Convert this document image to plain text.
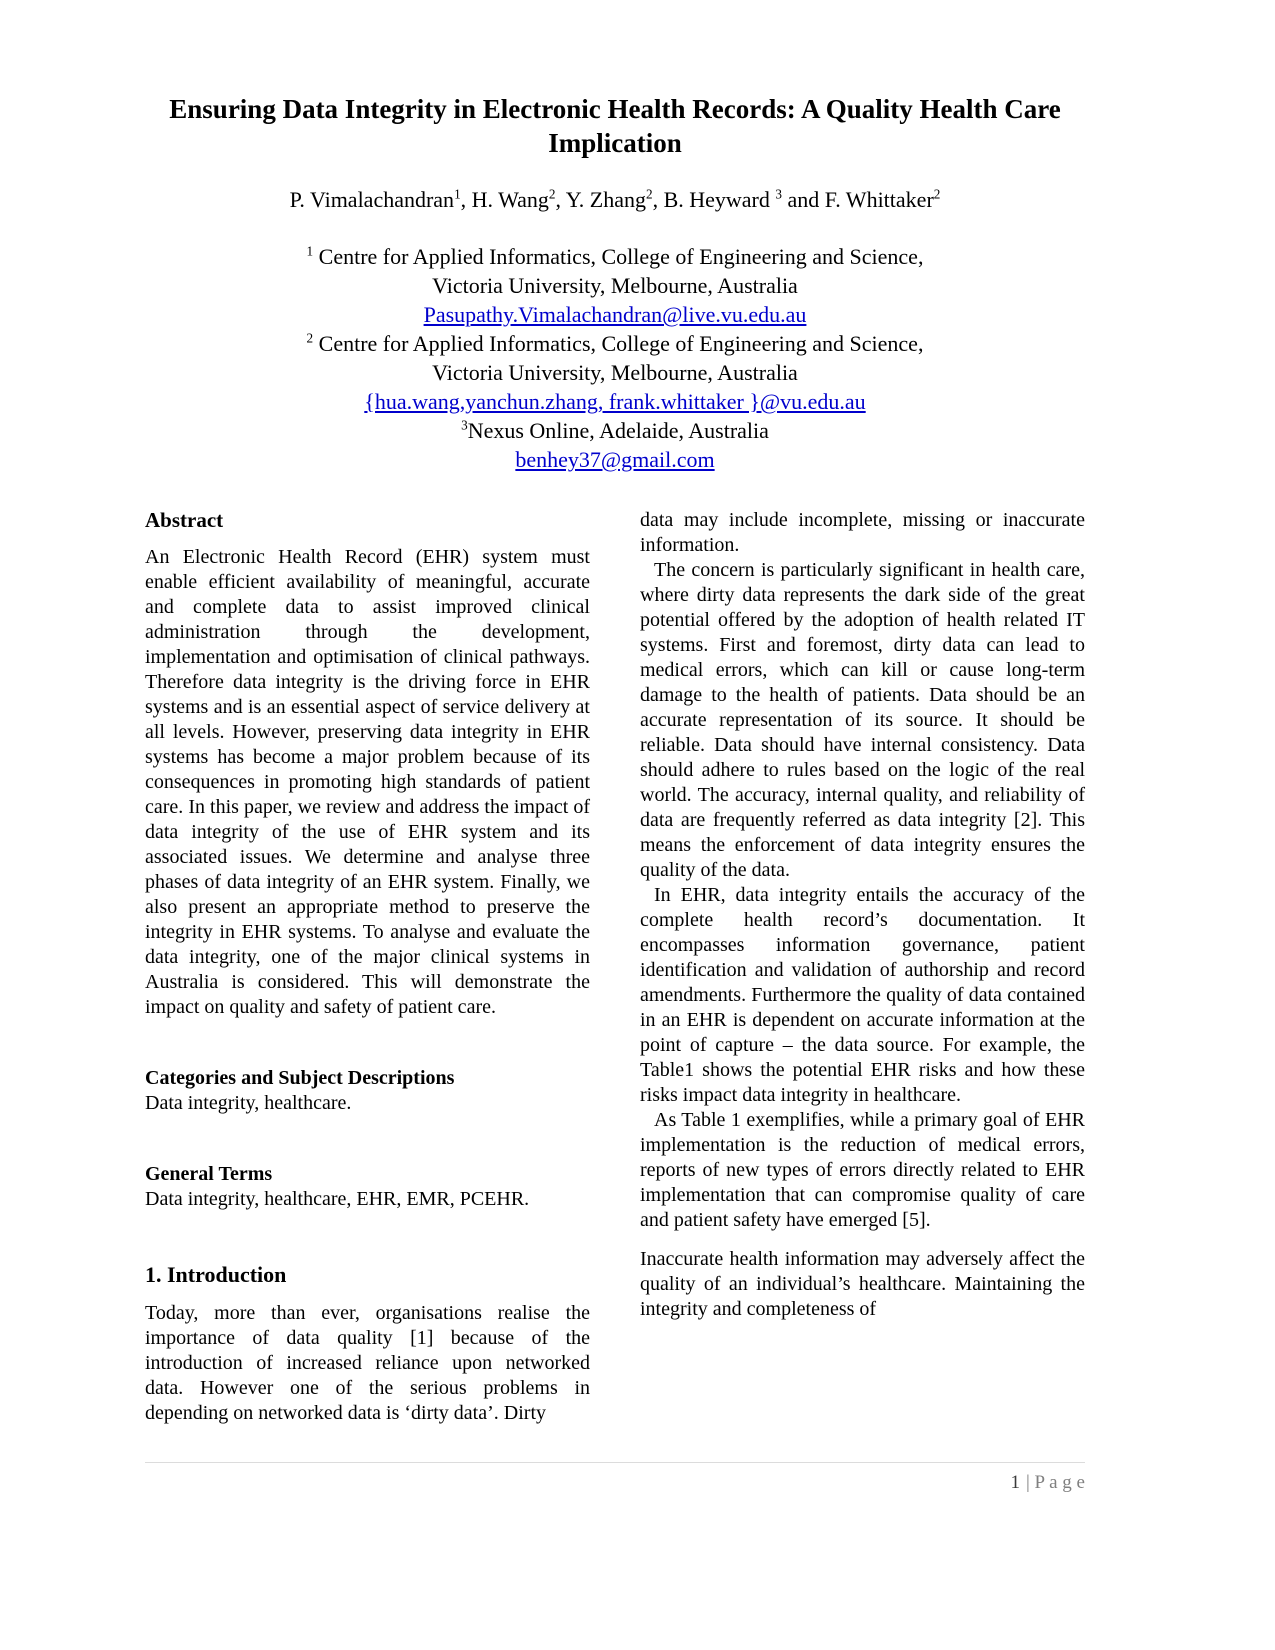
Ensuring Data Integrity in Electronic Health Records: A Quality Health Care Implication
P. Vimalachandran$^1$, H. Wang$^2$, Y. Zhang$^2$, B. Heyward $^3$ and F. Whittaker$^2$
$^1$ Centre for Applied Informatics, College of Engineering and Science,
Victoria University, Melbourne, Australia
Pasupathy.Vimalachandran@live.vu.edu.au
$^2$ Centre for Applied Informatics, College of Engineering and Science,
Victoria University, Melbourne, Australia
{hua.wang,yanchun.zhang, frank.whittaker }@vu.edu.au
$^3$Nexus Online, Adelaide, Australia
benhey37@gmail.com
Abstract

An Electronic Health Record (EHR) system must enable efficient availability of meaningful, accurate and complete data to assist improved clinical administration through the development, implementation and optimisation of clinical pathways. Therefore data integrity is the driving force in EHR systems and is an essential aspect of service delivery at all levels. However, preserving data integrity in EHR systems has become a major problem because of its consequences in promoting high standards of patient care. In this paper, we review and address the impact of data integrity of the use of EHR system and its associated issues. We determine and analyse three phases of data integrity of an EHR system. Finally, we also present an appropriate method to preserve the integrity in EHR systems. To analyse and evaluate the data integrity, one of the major clinical systems in Australia is considered. This will demonstrate the impact on quality and safety of patient care.

Categories and Subject Descriptions

Data integrity, healthcare.

General Terms

Data integrity, healthcare, EHR, EMR, PCEHR.

1. Introduction

Today, more than ever, organisations realise the importance of data quality [1] because of the introduction of increased reliance upon networked data. However one of the serious problems in depending on networked data is ‘dirty data’. Dirty

data may include incomplete, missing or inaccurate information.

The concern is particularly significant in health care, where dirty data represents the dark side of the great potential offered by the adoption of health related IT systems. First and foremost, dirty data can lead to medical errors, which can kill or cause long-term damage to the health of patients. Data should be an accurate representation of its source. It should be reliable. Data should have internal consistency. Data should adhere to rules based on the logic of the real world. The accuracy, internal quality, and reliability of data are frequently referred as data integrity [2]. This means the enforcement of data integrity ensures the quality of the data.

In EHR, data integrity entails the accuracy of the complete health record’s documentation. It encompasses information governance, patient identification and validation of authorship and record amendments. Furthermore the quality of data contained in an EHR is dependent on accurate information at the point of capture – the data source. For example, the Table1 shows the potential EHR risks and how these risks impact data integrity in healthcare.

As Table 1 exemplifies, while a primary goal of EHR implementation is the reduction of medical errors, reports of new types of errors directly related to EHR implementation that can compromise quality of care and patient safety have emerged [5].

Inaccurate health information may adversely affect the quality of an individual’s healthcare. Maintaining the integrity and completeness of

1 | P a g e
